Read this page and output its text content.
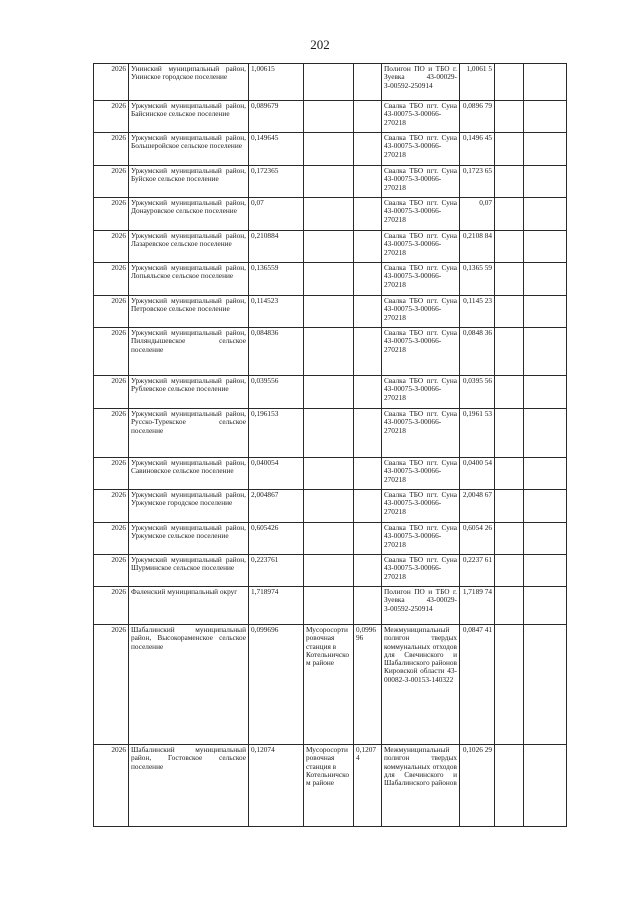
202
2026	Унинский муниципальный район, Унинское городское поселение	1,00615			Полигон ПО и ТБО г. Зуевка 43-00029-З-00592-250914	1,0061 5		
2026	Уржумский муниципальный район, Байсинское сельское поселение	0,089679			Свалка ТБО пгт. Суна 43-00075-З-00066-270218	0,0896 79		
2026	Уржумский муниципальный район, Большеройское сельское поселение	0,149645			Свалка ТБО пгт. Суна 43-00075-З-00066-270218	0,1496 45		
2026	Уржумский муниципальный район, Буйское сельское поселение	0,172365			Свалка ТБО пгт. Суна 43-00075-З-00066-270218	0,1723 65		
2026	Уржумский муниципальный район, Донауровское сельское поселение	0,07			Свалка ТБО пгт. Суна 43-00075-З-00066-270218	0,07		
2026	Уржумский муниципальный район, Лазаревское сельское поселение	0,210884			Свалка ТБО пгт. Суна 43-00075-З-00066-270218	0,2108 84		
2026	Уржумский муниципальный район, Лопьяльское сельское поселение	0,136559			Свалка ТБО пгт. Суна 43-00075-З-00066-270218	0,1365 59		
2026	Уржумский муниципальный район, Петровское сельское поселение	0,114523			Свалка ТБО пгт. Суна 43-00075-З-00066-270218	0,1145 23		
2026	Уржумский муниципальный район, Пиляндышевское сельское поселение	0,084836			Свалка ТБО пгт. Суна 43-00075-З-00066-270218	0,0848 36		
2026	Уржумский муниципальный район, Рублевское сельское поселение	0,039556			Свалка ТБО пгт. Суна 43-00075-З-00066-270218	0,0395 56		
2026	Уржумский муниципальный район, Русско-Турекское сельское поселение	0,196153			Свалка ТБО пгт. Суна 43-00075-З-00066-270218	0,1961 53		
2026	Уржумский муниципальный район, Савиновское сельское поселение	0,040054			Свалка ТБО пгт. Суна 43-00075-З-00066-270218	0,0400 54		
2026	Уржумский муниципальный район, Уржумское городское поселение	2,004867			Свалка ТБО пгт. Суна 43-00075-З-00066-270218	2,0048 67		
2026	Уржумский муниципальный район, Уржумское сельское поселение	0,605426			Свалка ТБО пгт. Суна 43-00075-З-00066-270218	0,6054 26		
2026	Уржумский муниципальный район, Шурминское сельское поселение	0,223761			Свалка ТБО пгт. Суна 43-00075-З-00066-270218	0,2237 61		
2026	Фаленский муниципальный округ	1,718974			Полигон ПО и ТБО г. Зуевка 43-00029-З-00592-250914	1,7189 74		
2026	Шабалинский муниципальный район, Высокораменское сельское поселение	0,099696	Мусоросортировочная станция в Котельничском районе	0,0996 96	Межмуниципальный полигон твердых коммунальных отходов для Свечинского и Шабалинского районов Кировской области 43-00082-З-00153-140322	0,0847 41		
2026	Шабалинский муниципальный район, Гостовское сельское поселение	0,12074	Мусоросортировочная станция в Котельничском районе	0,1207 4	Межмуниципальный полигон твердых коммунальных отходов для Свечинского и Шабалинского районов	0,1026 29		
